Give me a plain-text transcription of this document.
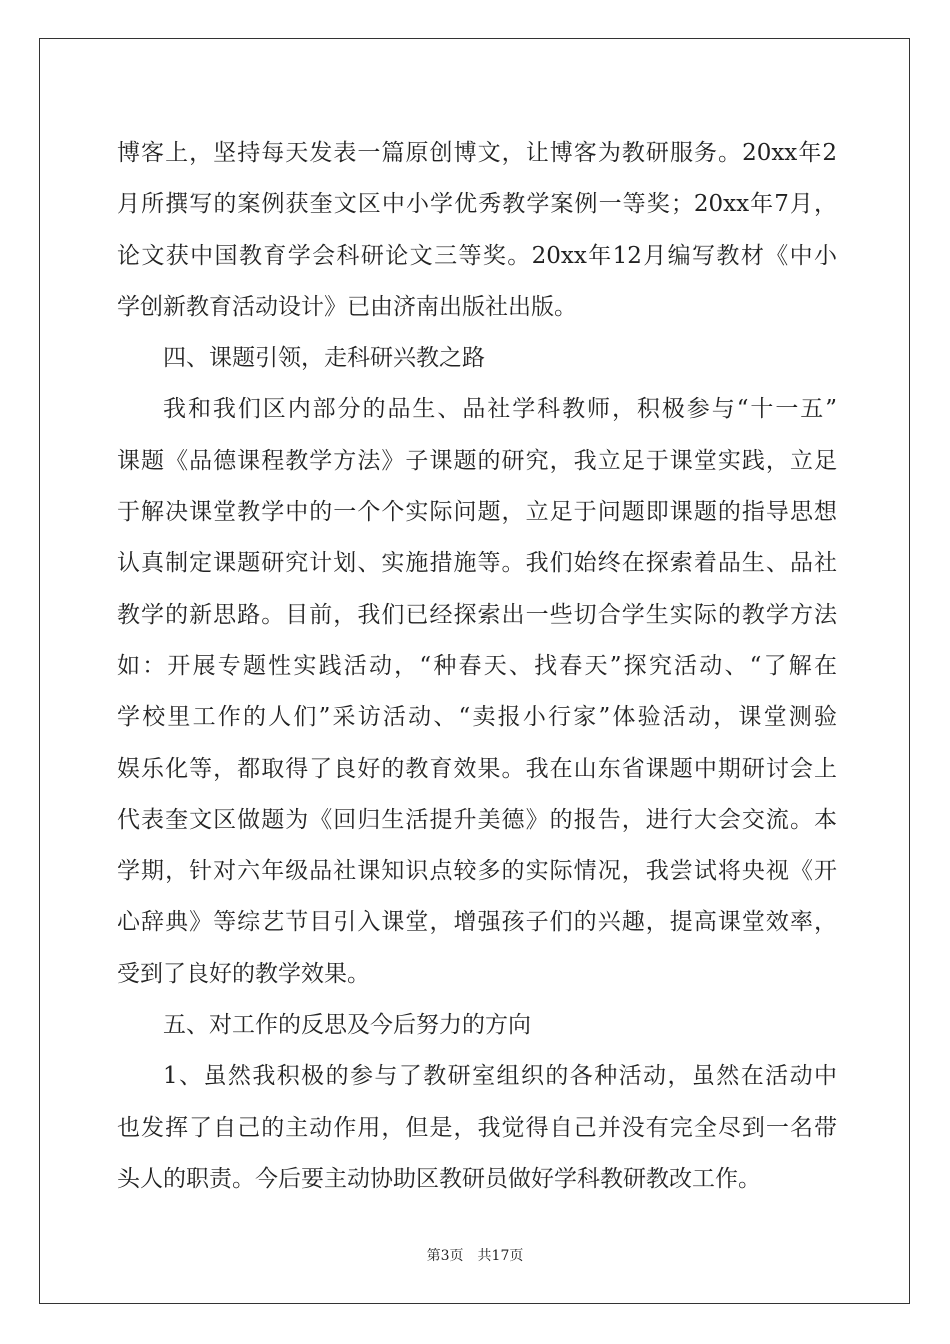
博客上，坚持每天发表一篇原创博文，让博客为教研服务。20xx年2
月所撰写的案例获奎文区中小学优秀教学案例一等奖；20xx年7月，
论文获中国教育学会科研论文三等奖。20xx年12月编写教材《中小
学创新教育活动设计》已由济南出版社出版。
四、课题引领，走科研兴教之路
我和我们区内部分的品生、品社学科教师，积极参与“十一五”
课题《品德课程教学方法》子课题的研究，我立足于课堂实践，立足
于解决课堂教学中的一个个实际问题，立足于问题即课题的指导思想
认真制定课题研究计划、实施措施等。我们始终在探索着品生、品社
教学的新思路。目前，我们已经探索出一些切合学生实际的教学方法
如：开展专题性实践活动，“种春天、找春天”探究活动、“了解在
学校里工作的人们”采访活动、“卖报小行家”体验活动，课堂测验
娱乐化等，都取得了良好的教育效果。我在山东省课题中期研讨会上
代表奎文区做题为《回归生活提升美德》的报告，进行大会交流。本
学期，针对六年级品社课知识点较多的实际情况，我尝试将央视《开
心辞典》等综艺节目引入课堂，增强孩子们的兴趣，提高课堂效率，
受到了良好的教学效果。
五、对工作的反思及今后努力的方向
1、虽然我积极的参与了教研室组织的各种活动，虽然在活动中
也发挥了自己的主动作用，但是，我觉得自己并没有完全尽到一名带
头人的职责。今后要主动协助区教研员做好学科教研教改工作。
第3页 共17页
